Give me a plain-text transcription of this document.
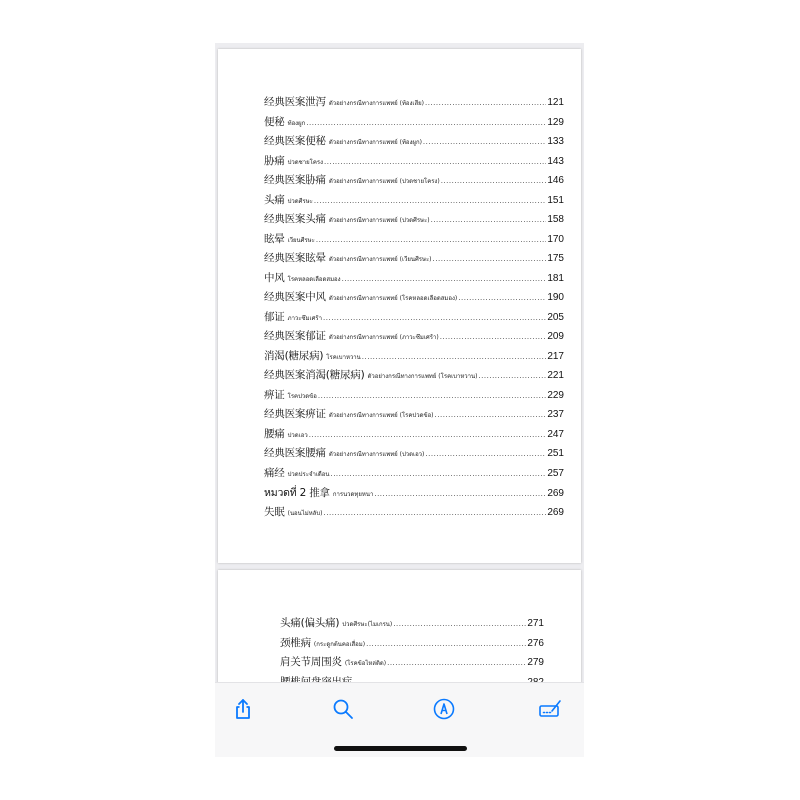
经典医案泄泻 ตัวอย่างกรณีทางการแพทย์ (ท้องเสีย) .....	121
便秘 ท้องผูก .....	129
经典医案便秘 ตัวอย่างกรณีทางการแพทย์ (ท้องผูก) .....	133
胁痛 ปวดชายโครง .....	143
经典医案胁痛 ตัวอย่างกรณีทางการแพทย์ (ปวดชายโครง) .....	146
头痛 ปวดศีรษะ .....	151
经典医案头痛 ตัวอย่างกรณีทางการแพทย์ (ปวดศีรษะ) .....	158
眩晕 เวียนศีรษะ .....	170
经典医案眩晕 ตัวอย่างกรณีทางการแพทย์ (เวียนศีรษะ) .....	175
中风 โรคหลอดเลือดสมอง .....	181
经典医案中风 ตัวอย่างกรณีทางการแพทย์ (โรคหลอดเลือดสมอง) .....	190
郁证 ภาวะซึมเศร้า .....	205
经典医案郁证 ตัวอย่างกรณีทางการแพทย์ (ภาวะซึมเศร้า) .....	209
消渴(糖尿病) โรคเบาหวาน .....	217
经典医案消渴(糖尿病) ตัวอย่างกรณีทางการแพทย์ (โรคเบาหวาน) .....	221
痹证 โรคปวดข้อ .....	229
经典医案痹证 ตัวอย่างกรณีทางการแพทย์ (โรคปวดข้อ) .....	237
腰痛 ปวดเอว .....	247
经典医案腰痛 ตัวอย่างกรณีทางการแพทย์ (ปวดเอว) .....	251
痛经 ปวดประจำเดือน .....	257
หมวดที่ 2 推拿 การนวดทุยหนา .....	269
失眠 (นอนไม่หลับ) .....	269
头痛(偏头痛) ปวดศีรษะ(ไมเกรน) .....	271
颈椎病 (กระดูกต้นคอเสื่อม) .....	276
肩关节周围炎 (โรคข้อไหล่ติด) .....	279
.....
